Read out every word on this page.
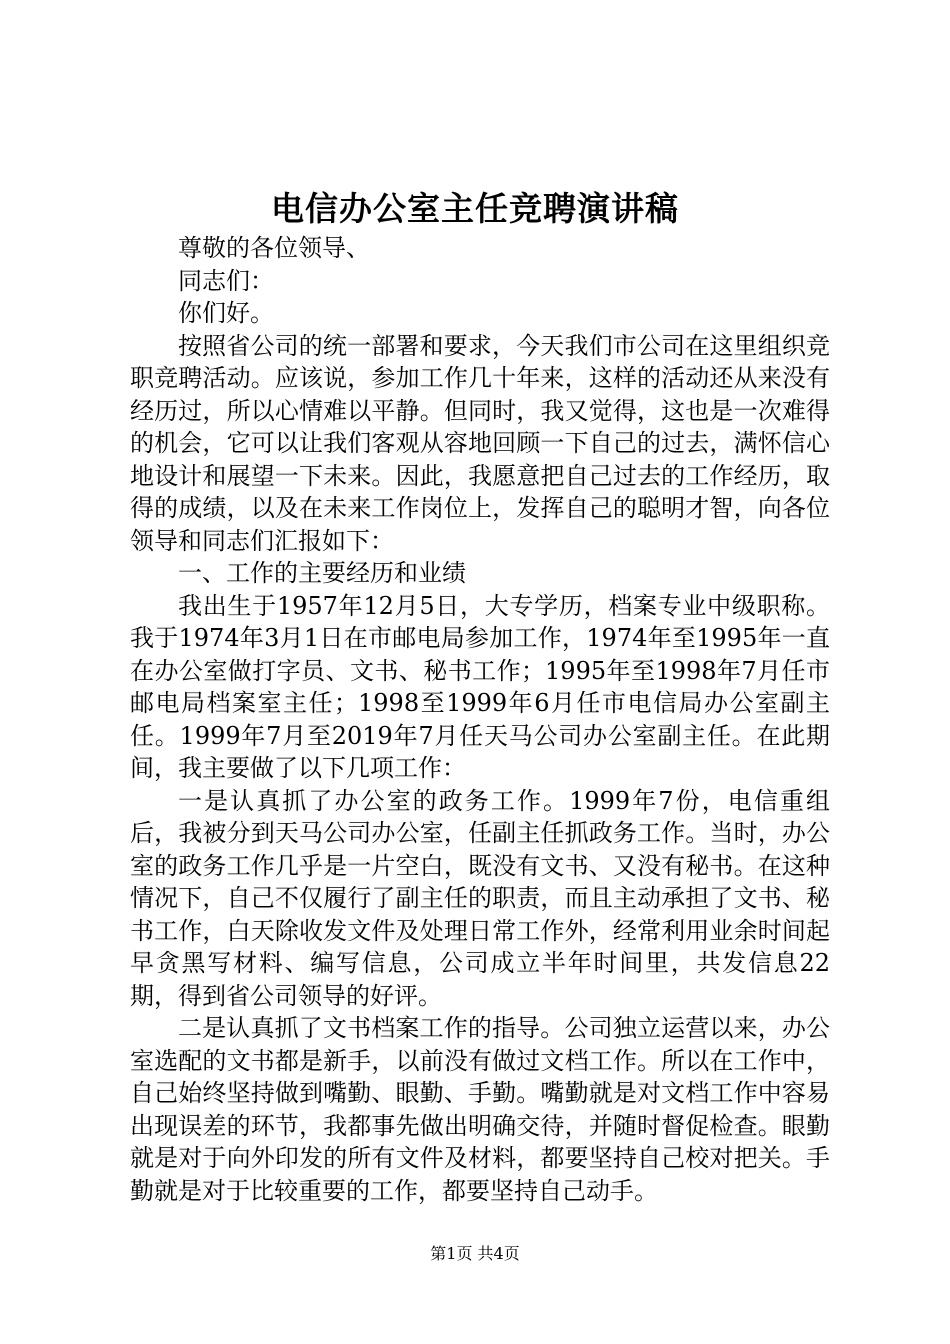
电信办公室主任竞聘演讲稿

尊敬的各位领导、

同志们：

你们好。

按照省公司的统一部署和要求，今天我们市公司在这里组织竞职竞聘活动。应该说，参加工作几十年来，这样的活动还从来没有经历过，所以心情难以平静。但同时，我又觉得，这也是一次难得的机会，它可以让我们客观从容地回顾一下自己的过去，满怀信心地设计和展望一下未来。因此，我愿意把自己过去的工作经历，取得的成绩，以及在未来工作岗位上，发挥自己的聪明才智，向各位领导和同志们汇报如下：

一、工作的主要经历和业绩

我出生于1957年12月5日，大专学历，档案专业中级职称。我于1974年3月1日在市邮电局参加工作，1974年至1995年一直在办公室做打字员、文书、秘书工作；1995年至1998年7月任市邮电局档案室主任；1998至1999年6月任市电信局办公室副主任。1999年7月至2019年7月任天马公司办公室副主任。在此期间，我主要做了以下几项工作：

一是认真抓了办公室的政务工作。1999年7份，电信重组后，我被分到天马公司办公室，任副主任抓政务工作。当时，办公室的政务工作几乎是一片空白，既没有文书、又没有秘书。在这种情况下，自己不仅履行了副主任的职责，而且主动承担了文书、秘书工作，白天除收发文件及处理日常工作外，经常利用业余时间起早贪黑写材料、编写信息，公司成立半年时间里，共发信息22期，得到省公司领导的好评。

二是认真抓了文书档案工作的指导。公司独立运营以来，办公室选配的文书都是新手，以前没有做过文档工作。所以在工作中，自己始终坚持做到嘴勤、眼勤、手勤。嘴勤就是对文档工作中容易出现误差的环节，我都事先做出明确交待，并随时督促检查。眼勤就是对于向外印发的所有文件及材料，都要坚持自己校对把关。手勤就是对于比较重要的工作，都要坚持自己动手。

第1页 共4页
